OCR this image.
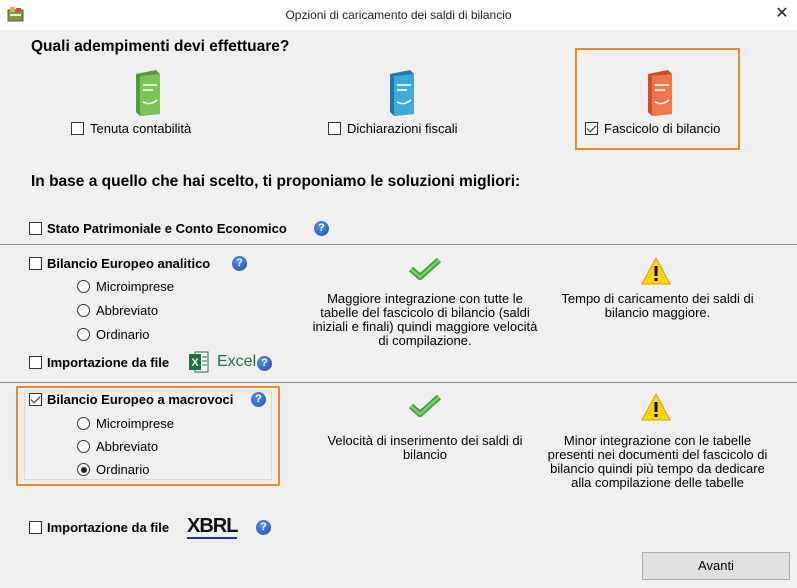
Opzioni di caricamento dei saldi di bilancio	✕
Quali adempimenti devi effettuare?
Tenuta contabilità	Dichiarazioni fiscali	Fascicolo di bilancio
In base a quello che hai scelto, ti proponiamo le soluzioni migliori:
Stato Patrimoniale e Conto Economico	?
Bilancio Europeo analitico	?
Microimprese
Abbreviato
Ordinario
Maggiore integrazione con tutte le tabelle del fascicolo di bilancio (saldi iniziali e finali) quindi maggiore velocità di compilazione.
Tempo di caricamento dei saldi di bilancio maggiore.
Importazione da file X Excel ?
Bilancio Europeo a macrovoci	?
Microimprese
Abbreviato
Ordinario
Velocità di inserimento dei saldi di bilancio
Minor integrazione con le tabelle presenti nei documenti del fascicolo di bilancio quindi più tempo da dedicare alla compilazione delle tabelle
Importazione da file XBRL	?
Avanti
